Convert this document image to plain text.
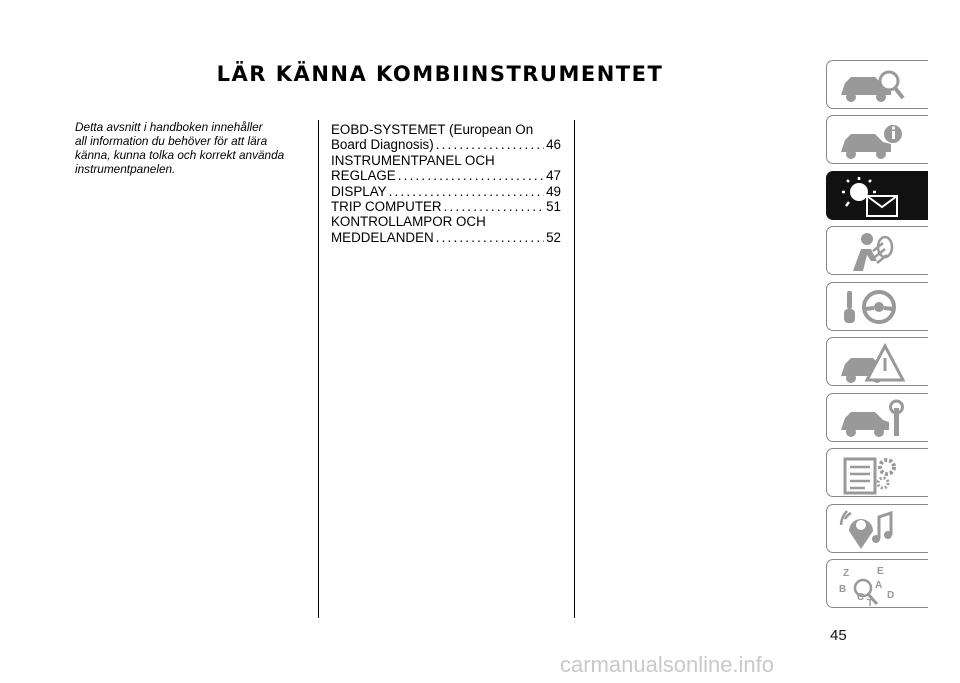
LÄR KÄNNA KOMBIINSTRUMENTET
Detta avsnitt i handboken innehåller
all information du behöver för att lära
känna, kunna tolka och korrekt använda
instrumentpanelen.
EOBD-SYSTEMET (European On
Board Diagnosis) .....	46
INSTRUMENTPANEL OCH
REGLAGE .....	47
DISPLAY .....	49
TRIP COMPUTER .....	51
KONTROLLAMPOR OCH
MEDDELANDEN .....	52
Z	E
B	A
C D
T
45
carmanualsonline.info
